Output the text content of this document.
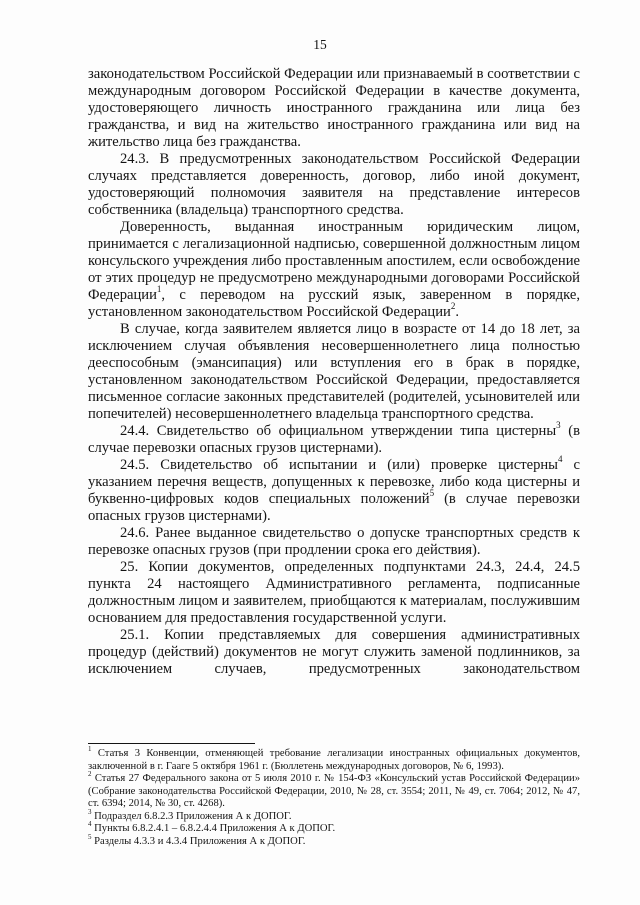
15

законодательством Российской Федерации или признаваемый в соответствии с международным договором Российской Федерации в качестве документа, удостоверяющего личность иностранного гражданина или лица без гражданства, и вид на жительство иностранного гражданина или вид на жительство лица без гражданства.

24.3. В предусмотренных законодательством Российской Федерации случаях представляется доверенность, договор, либо иной документ, удостоверяющий полномочия заявителя на представление интересов собственника (владельца) транспортного средства.

Доверенность, выданная иностранным юридическим лицом, принимается с легализационной надписью, совершенной должностным лицом консульского учреждения либо проставленным апостилем, если освобождение от этих процедур не предусмотрено международными договорами Российской Федерации$^1$, с переводом на русский язык, заверенном в порядке, установленном законодательством Российской Федерации$^2$.

В случае, когда заявителем является лицо в возрасте от 14 до 18 лет, за исключением случая объявления несовершеннолетнего лица полностью дееспособным (эмансипация) или вступления его в брак в порядке, установленном законодательством Российской Федерации, предоставляется письменное согласие законных представителей (родителей, усыновителей или попечителей) несовершеннолетнего владельца транспортного средства.

24.4. Свидетельство об официальном утверждении типа цистерны$^3$ (в случае перевозки опасных грузов цистернами).

24.5. Свидетельство об испытании и (или) проверке цистерны$^4$ с указанием перечня веществ, допущенных к перевозке, либо кода цистерны и буквенно-цифровых кодов специальных положений$^5$ (в случае перевозки опасных грузов цистернами).

24.6. Ранее выданное свидетельство о допуске транспортных средств к перевозке опасных грузов (при продлении срока его действия).

25. Копии документов, определенных подпунктами 24.3, 24.4, 24.5 пункта 24 настоящего Административного регламента, подписанные должностным лицом и заявителем, приобщаются к материалам, послужившим основанием для предоставления государственной услуги.

25.1. Копии представляемых для совершения административных процедур (действий) документов не могут служить заменой подлинников, за исключением случаев, предусмотренных законодательством

$^1$ Статья 3 Конвенции, отменяющей требование легализации иностранных официальных документов, заключенной в г. Гааге 5 октября 1961 г. (Бюллетень международных договоров, № 6, 1993).

$^2$ Статья 27 Федерального закона от 5 июля 2010 г. № 154-ФЗ «Консульский устав Российской Федерации» (Собрание законодательства Российской Федерации, 2010, № 28, ст. 3554; 2011, № 49, ст. 7064; 2012, № 47, ст. 6394; 2014, № 30, ст. 4268).

$^3$ Подраздел 6.8.2.3 Приложения А к ДОПОГ.

$^4$ Пункты 6.8.2.4.1 – 6.8.2.4.4 Приложения А к ДОПОГ.

$^5$ Разделы 4.3.3 и 4.3.4 Приложения А к ДОПОГ.
